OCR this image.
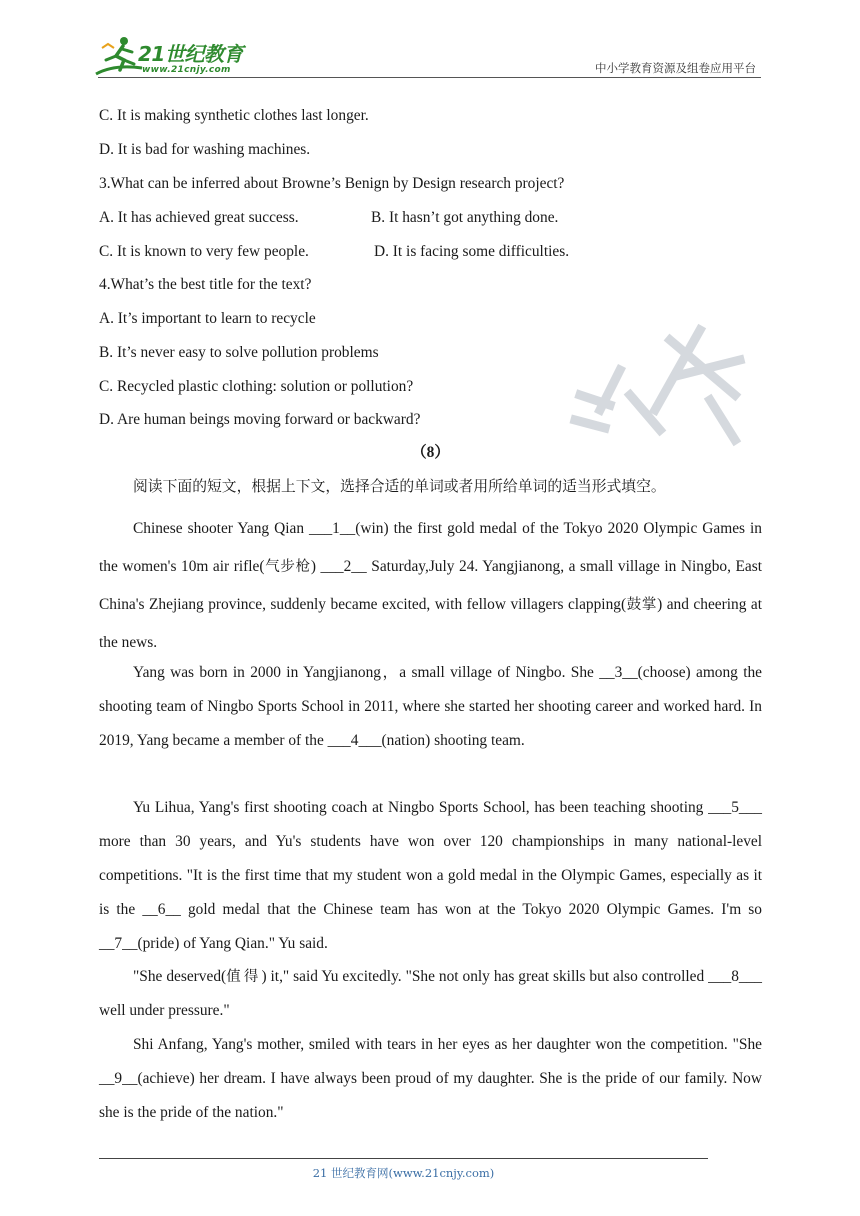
21世纪教育
www.21cnjy.com	中小学教育资源及组卷应用平台
C. It is making synthetic clothes last longer.
D. It is bad for washing machines.
3.What can be inferred about Browne’s Benign by Design research project?
A. It has achieved great success.	B. It hasn’t got anything done.
C. It is known to very few people.	D. It is facing some difficulties.
4.What’s the best title for the text?
A. It’s important to learn to recycle
B. It’s never easy to solve pollution problems
C. Recycled plastic clothing: solution or pollution?
D. Are human beings moving forward or backward?
（8）

阅读下面的短文，根据上下文，选择合适的单词或者用所给单词的适当形式填空。

Chinese shooter Yang Qian ___1__(win) the first gold medal of the Tokyo 2020 Olympic Games in the women's 10m air rifle(气步枪) ___2__ Saturday,July 24. Yangjianong, a small village in Ningbo, East China's Zhejiang province, suddenly became excited, with fellow villagers clapping(鼓掌) and cheering at the news.

Yang was born in 2000 in Yangjianong，a small village of Ningbo. She __3__(choose) among the shooting team of Ningbo Sports School in 2011, where she started her shooting career and worked hard. In 2019, Yang became a member of the ___4___(nation) shooting team.

Yu Lihua, Yang's first shooting coach at Ningbo Sports School, has been teaching shooting ___5___ more than 30 years, and Yu's students have won over 120 championships in many national-level competitions. "It is the first time that my student won a gold medal in the Olympic Games, especially as it is the __6__ gold medal that the Chinese team has won at the Tokyo 2020 Olympic Games. I'm so __7__(pride) of Yang Qian." Yu said.

"She deserved(值得) it," said Yu excitedly. "She not only has great skills but also controlled ___8___ well under pressure."

Shi Anfang, Yang's mother, smiled with tears in her eyes as her daughter won the competition. "She __9__(achieve) her dream. I have always been proud of my daughter. She is the pride of our family. Now she is the pride of the nation."

21 世纪教育网(www.21cnjy.com)
